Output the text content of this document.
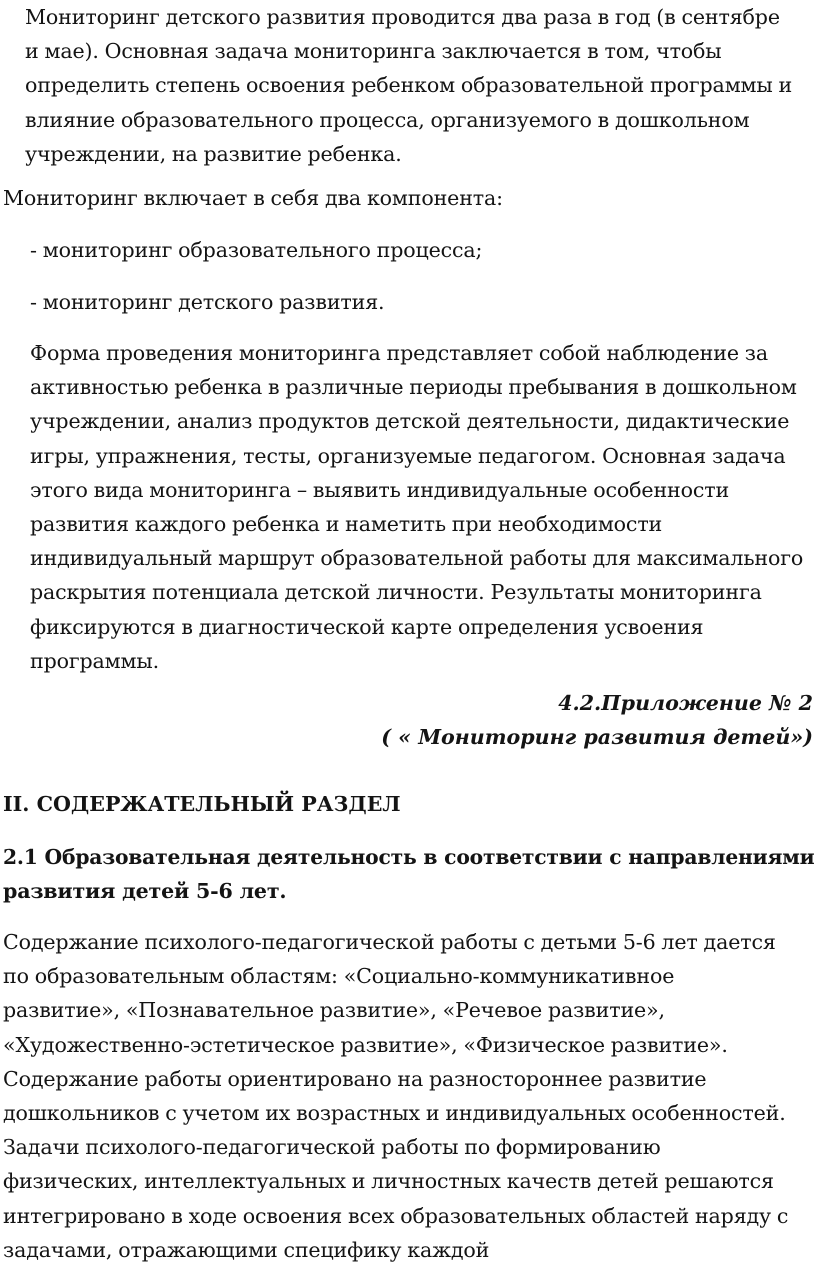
Мониторинг детского развития проводится два раза в год (в сентябре
и мае). Основная задача мониторинга заключается в том, чтобы
определить степень освоения ребенком образовательной программы и
влияние образовательного процесса, организуемого в дошкольном
учреждении, на развитие ребенка.

Мониторинг включает в себя два компонента:

- мониторинг образовательного процесса;

- мониторинг детского развития.

Форма проведения мониторинга представляет собой наблюдение за
активностью ребенка в различные периоды пребывания в дошкольном
учреждении, анализ продуктов детской деятельности, дидактические
игры, упражнения, тесты, организуемые педагогом. Основная задача
этого вида мониторинга – выявить индивидуальные особенности
развития каждого ребенка и наметить при необходимости
индивидуальный маршрут образовательной работы для максимального
раскрытия потенциала детской личности. Результаты мониторинга
фиксируются в диагностической карте определения усвоения
программы.

4.2.Приложение № 2
( « Мониторинг развития детей»)

II. СОДЕРЖАТЕЛЬНЫЙ РАЗДЕЛ
2.1 Образовательная деятельность в соответствии с направлениями
развития детей 5-6 лет.

Содержание психолого-педагогической работы с детьми 5-6 лет дается
по образовательным областям: «Социально-коммуникативное
развитие», «Познавательное развитие», «Речевое развитие»,
«Художественно-эстетическое развитие», «Физическое развитие».
Содержание работы ориентировано на разностороннее развитие
дошкольников с учетом их возрастных и индивидуальных особенностей.
Задачи психолого-педагогической работы по формированию
физических, интеллектуальных и личностных качеств детей решаются
интегрировано в ходе освоения всех образовательных областей наряду с
задачами, отражающими специфику каждой
